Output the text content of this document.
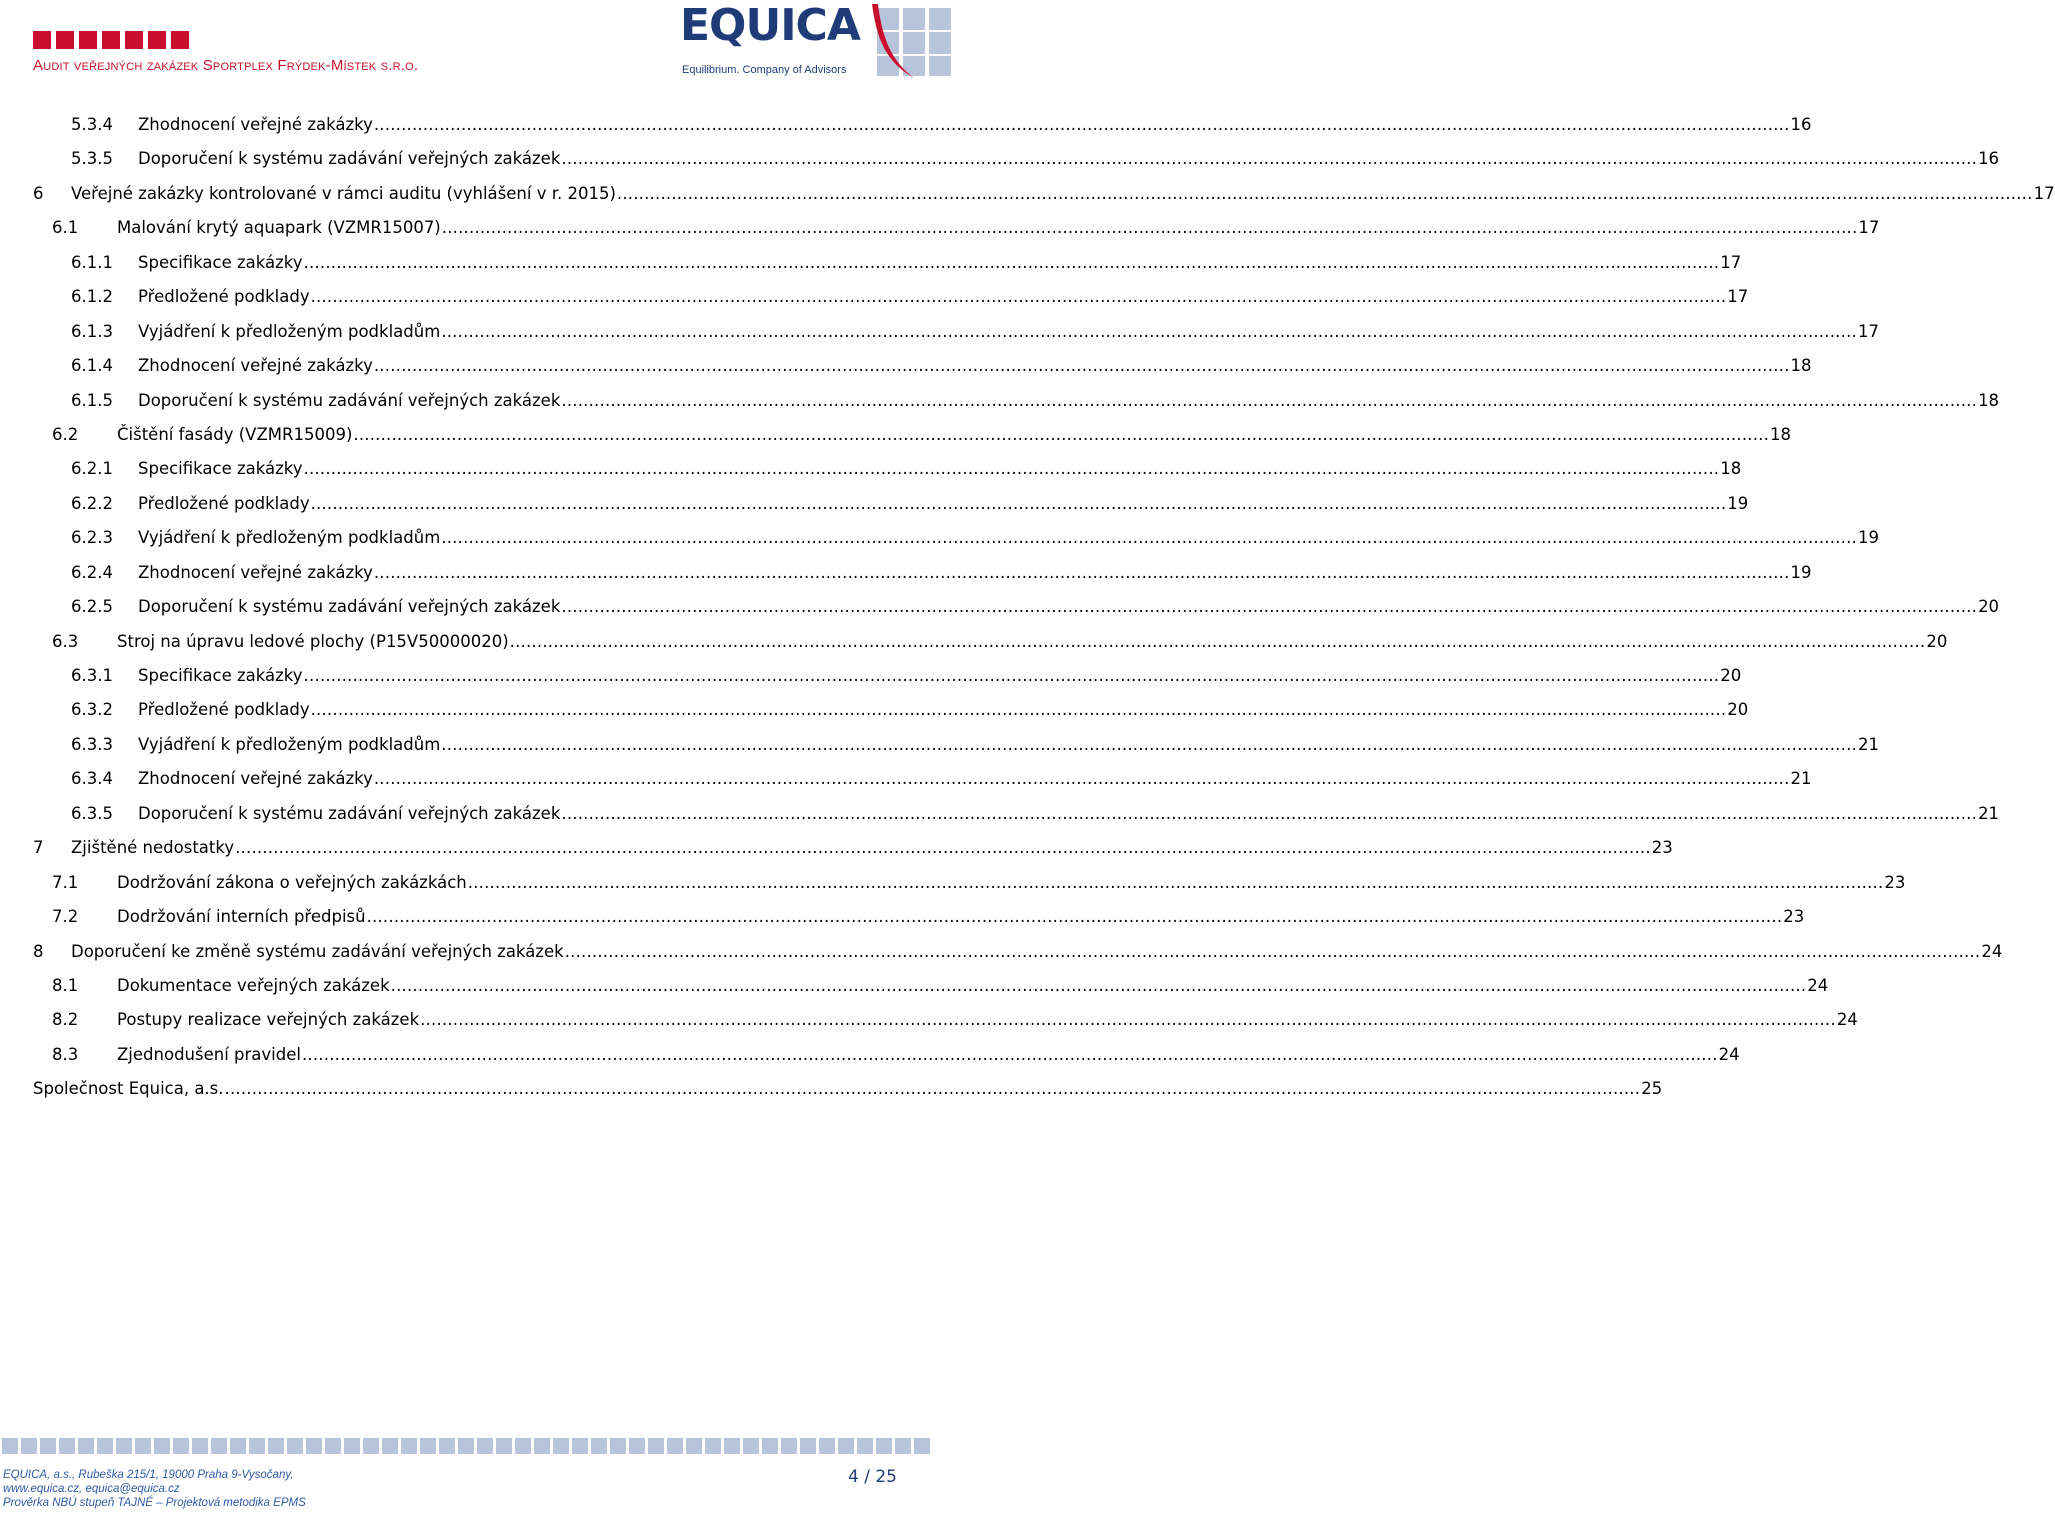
Audit veřejných zakázek Sportplex Frýdek-Místek s.r.o.
EQUICA
Equilibrium. Company of Advisors
5.3.4 Zhodnocení veřejné zakázky .................................................................................................................................................................................................................................................................... 16
5.3.5 Doporučení k systému zadávání veřejných zakázek .................................................................................................................................................................................................................................................................... 16
6 Veřejné zakázky kontrolované v rámci auditu (vyhlášení v r. 2015) .................................................................................................................................................................................................................................................................... 17
6.1 Malování krytý aquapark (VZMR15007) .................................................................................................................................................................................................................................................................... 17
6.1.1 Specifikace zakázky .................................................................................................................................................................................................................................................................... 17
6.1.2 Předložené podklady .................................................................................................................................................................................................................................................................... 17
6.1.3 Vyjádření k předloženým podkladům .................................................................................................................................................................................................................................................................... 17
6.1.4 Zhodnocení veřejné zakázky .................................................................................................................................................................................................................................................................... 18
6.1.5 Doporučení k systému zadávání veřejných zakázek .................................................................................................................................................................................................................................................................... 18
6.2 Čištění fasády (VZMR15009) .................................................................................................................................................................................................................................................................... 18
6.2.1 Specifikace zakázky .................................................................................................................................................................................................................................................................... 18
6.2.2 Předložené podklady .................................................................................................................................................................................................................................................................... 19
6.2.3 Vyjádření k předloženým podkladům .................................................................................................................................................................................................................................................................... 19
6.2.4 Zhodnocení veřejné zakázky .................................................................................................................................................................................................................................................................... 19
6.2.5 Doporučení k systému zadávání veřejných zakázek .................................................................................................................................................................................................................................................................... 20
6.3 Stroj na úpravu ledové plochy (P15V50000020) .................................................................................................................................................................................................................................................................... 20
6.3.1 Specifikace zakázky .................................................................................................................................................................................................................................................................... 20
6.3.2 Předložené podklady .................................................................................................................................................................................................................................................................... 20
6.3.3 Vyjádření k předloženým podkladům .................................................................................................................................................................................................................................................................... 21
6.3.4 Zhodnocení veřejné zakázky .................................................................................................................................................................................................................................................................... 21
6.3.5 Doporučení k systému zadávání veřejných zakázek .................................................................................................................................................................................................................................................................... 21
7 Zjištěné nedostatky .................................................................................................................................................................................................................................................................... 23
7.1 Dodržování zákona o veřejných zakázkách .................................................................................................................................................................................................................................................................... 23
7.2 Dodržování interních předpisů .................................................................................................................................................................................................................................................................... 23
8 Doporučení ke změně systému zadávání veřejných zakázek .................................................................................................................................................................................................................................................................... 24
8.1 Dokumentace veřejných zakázek .................................................................................................................................................................................................................................................................... 24
8.2 Postupy realizace veřejných zakázek .................................................................................................................................................................................................................................................................... 24
8.3 Zjednodušení pravidel .................................................................................................................................................................................................................................................................... 24
Společnost Equica, a.s. .................................................................................................................................................................................................................................................................... 25
EQUICA, a.s., Rubeška 215/1, 19000 Praha 9-Vysočany,
www.equica.cz, equica@equica.cz
Prověrka NBÚ stupeň TAJNÉ – Projektová metodika EPMS
4 / 25
